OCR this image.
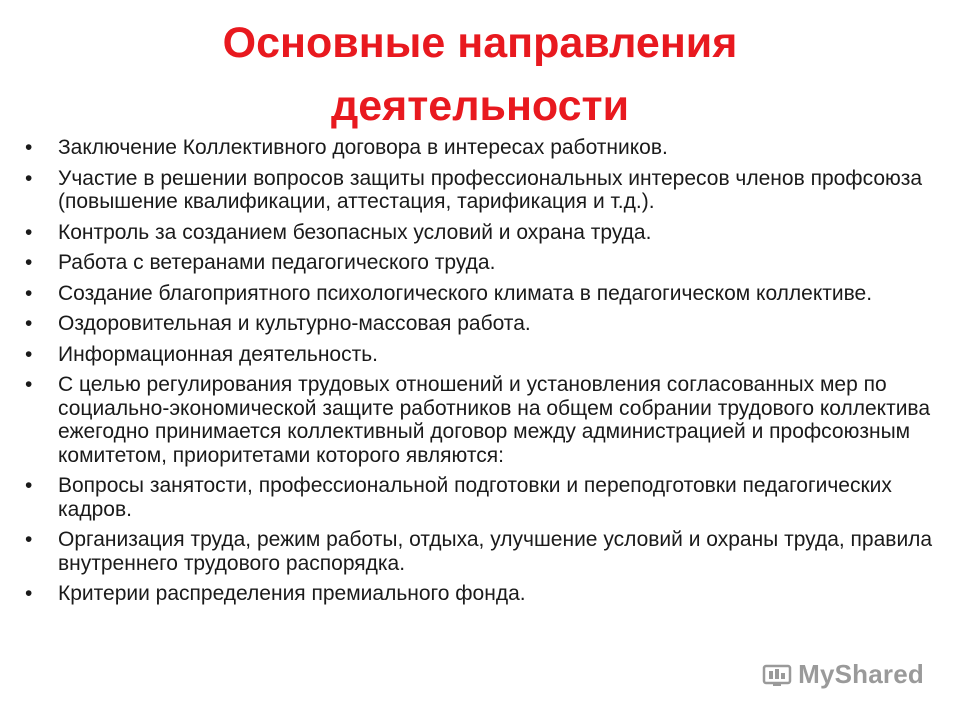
Основные направления
деятельности
• Заключение Коллективного договора в интересах работников.
• Участие в решении вопросов защиты профессиональных интересов членов профсоюза (повышение квалификации, аттестация, тарификация и т.д.).
• Контроль за созданием безопасных условий и охрана труда.
• Работа с ветеранами педагогического труда.
• Создание благоприятного психологического климата в педагогическом коллективе.
• Оздоровительная и культурно-массовая работа.
• Информационная деятельность.
• С целью регулирования трудовых отношений и установления согласованных мер по социально-экономической защите работников на общем собрании трудового коллектива ежегодно принимается коллективный договор между администрацией и профсоюзным комитетом, приоритетами которого являются:
• Вопросы занятости, профессиональной подготовки и переподготовки педагогических кадров.
• Организация труда, режим работы, отдыха, улучшение условий и охраны труда, правила внутреннего трудового распорядка.
• Критерии распределения премиального фонда.
MyShared
